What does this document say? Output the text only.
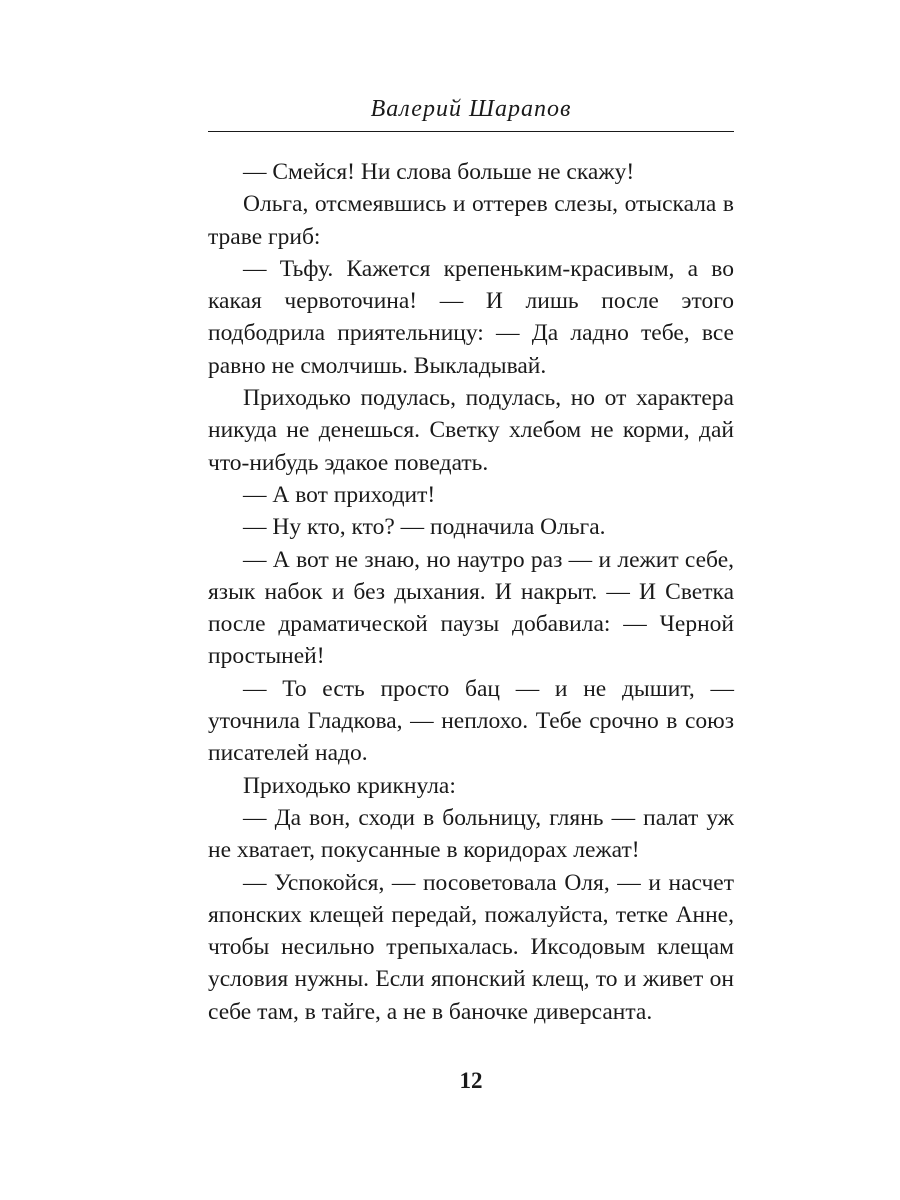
Валерий Шарапов

— Смейся! Ни слова больше не скажу!

Ольга, отсмеявшись и оттерев слезы, отыскала в траве гриб:

— Тьфу. Кажется крепеньким-красивым, а во какая червоточина! — И лишь после этого подбодрила приятельницу: — Да ладно тебе, все равно не смолчишь. Выкладывай.

Приходько подулась, подулась, но от характера никуда не денешься. Светку хлебом не корми, дай что-нибудь эдакое поведать.

— А вот приходит!

— Ну кто, кто? — подначила Ольга.

— А вот не знаю, но наутро раз — и лежит себе, язык набок и без дыхания. И накрыт. — И Светка после драматической паузы добавила: — Черной простыней!

— То есть просто бац — и не дышит, — уточнила Гладкова, — неплохо. Тебе срочно в союз писателей надо.

Приходько крикнула:

— Да вон, сходи в больницу, глянь — палат уж не хватает, покусанные в коридорах лежат!

— Успокойся, — посоветовала Оля, — и насчет японских клещей передай, пожалуйста, тетке Анне, чтобы несильно трепыхалась. Иксодовым клещам условия нужны. Если японский клещ, то и живет он себе там, в тайге, а не в баночке диверсанта.

12
